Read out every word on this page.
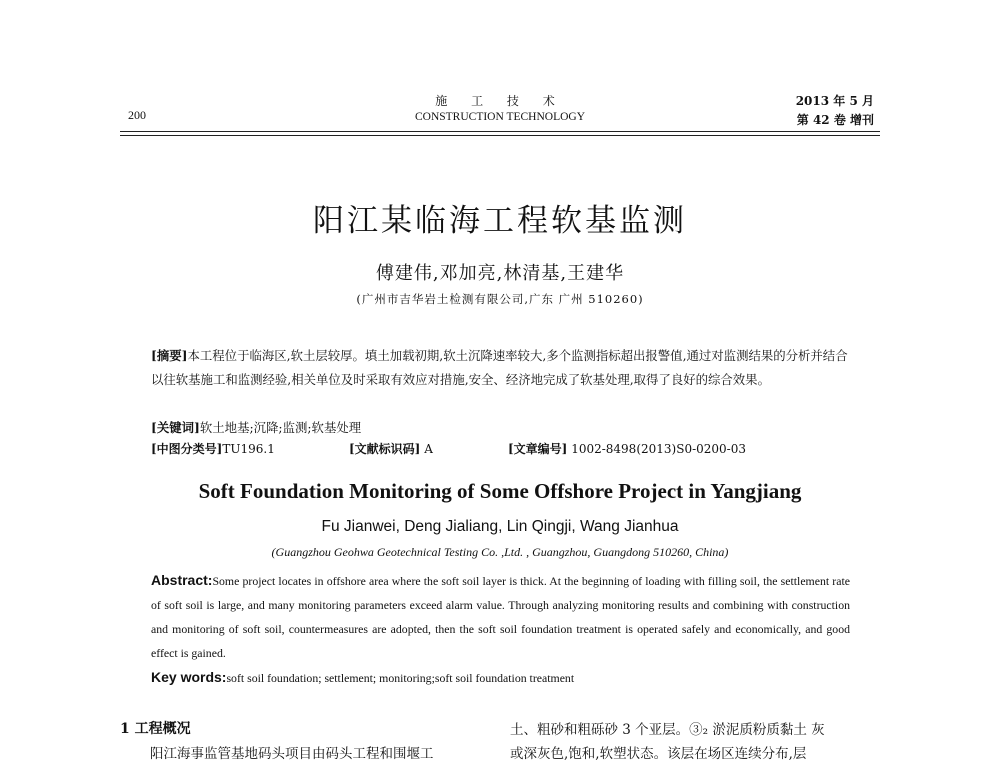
200
施 工 技 术
CONSTRUCTION TECHNOLOGY
2013 年 5 月
第 42 卷 增刊
阳江某临海工程软基监测
傅建伟,邓加亮,林清基,王建华
(广州市吉华岩土检测有限公司,广东 广州 510260)
[摘要]本工程位于临海区,软土层较厚。填土加载初期,软土沉降速率较大,多个监测指标超出报警值,通过对监测结果的分析并结合以往软基施工和监测经验,相关单位及时采取有效应对措施,安全、经济地完成了软基处理,取得了良好的综合效果。
[关键词]软土地基;沉降;监测;软基处理
[中图分类号]TU196.1	[文献标识码] A	[文章编号] 1002-8498(2013)S0-0200-03
Soft Foundation Monitoring of Some Offshore Project in Yangjiang
Fu Jianwei, Deng Jialiang, Lin Qingji, Wang Jianhua
(Guangzhou Geohwa Geotechnical Testing Co. ,Ltd. , Guangzhou, Guangdong 510260, China)
Abstract:Some project locates in offshore area where the soft soil layer is thick. At the beginning of loading with filling soil, the settlement rate of soft soil is large, and many monitoring parameters exceed alarm value. Through analyzing monitoring results and combining with construction and monitoring of soft soil, countermeasures are adopted, then the soft soil foundation treatment is operated safely and economically, and good effect is gained.
Key words:soft soil foundation; settlement; monitoring;soft soil foundation treatment
1 工程概况
阳江海事监管基地码头项目由码头工程和围堰工
土、粗砂和粗砾砂 3 个亚层。③₂ 淤泥质粉质黏土 灰
或深灰色,饱和,软塑状态。该层在场区连续分布,层
